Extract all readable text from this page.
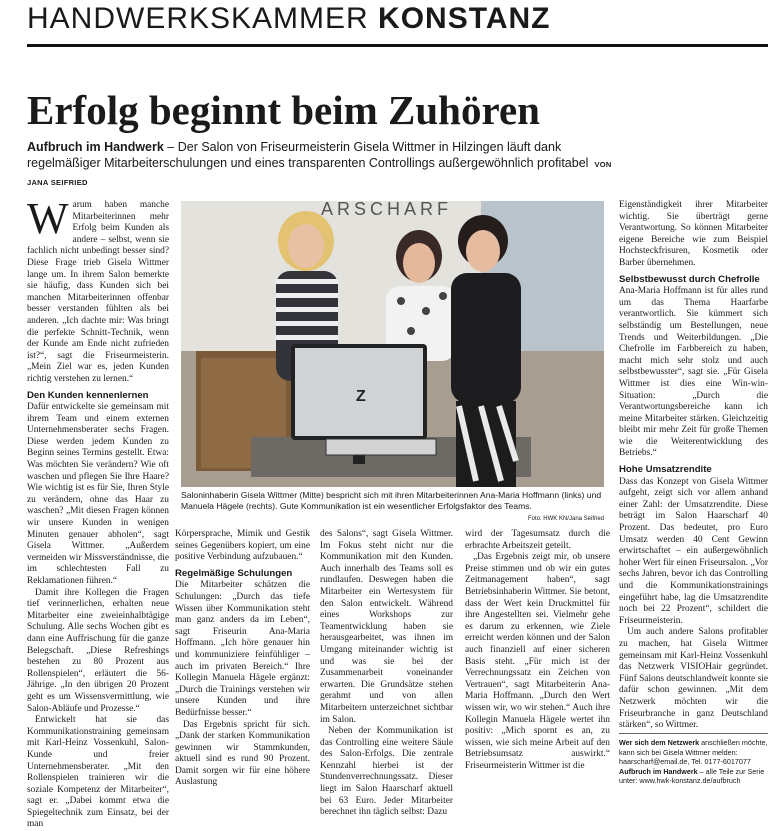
HANDWERKSKAMMER KONSTANZ
Erfolg beginnt beim Zuhören
Aufbruch im Handwerk – Der Salon von Friseurmeisterin Gisela Wittmer in Hilzingen läuft dank regelmäßiger Mitarbeiterschulungen und eines transparenten Controllings außergewöhnlich profitabel VON JANA SEIFRIED

Warum haben manche Mitarbeiterinnen mehr Erfolg beim Kunden als andere – selbst, wenn sie fachlich nicht unbedingt besser sind? Diese Frage trieb Gisela Wittmer lange um. In ihrem Salon bemerkte sie häufig, dass Kunden sich bei manchen Mitarbeiterinnen offenbar besser verstanden fühlten als bei anderen. „Ich dachte mir: Was bringt die perfekte Schnitt-Technik, wenn der Kunde am Ende nicht zufrieden ist?“, sagt die Friseurmeisterin. „Mein Ziel war es, jeden Kunden richtig verstehen zu lernen.“

Den Kunden kennenlernen

Dafür entwickelte sie gemeinsam mit ihrem Team und einem externen Unternehmensberater sechs Fragen. Diese werden jedem Kunden zu Beginn seines Termins gestellt. Etwa: Was möchten Sie verändern? Wie oft waschen und pflegen Sie Ihre Haare? Wie wichtig ist es für Sie, Ihren Style zu verändern, ohne das Haar zu waschen? „Mit diesen Fragen können wir unsere Kunden in wenigen Minuten genauer abholen“, sagt Gisela Wittmer. „Außerdem vermeiden wir Missverständnisse, die im schlechtesten Fall zu Reklamationen führen.“

Damit ihre Kollegen die Fragen tief verinnerlichen, erhalten neue Mitarbeiter eine zweieinhalbtägige Schulung. Alle sechs Wochen gibt es dann eine Auffrischung für die ganze Belegschaft. „Diese Refreshings bestehen zu 80 Prozent aus Rollenspielen“, erläutert die 56-Jährige. „In den übrigen 20 Prozent geht es um Wissensvermittlung, wie Salon-Abläufe und Prozesse.“

Entwickelt hat sie das Kommunikationstraining gemeinsam mit Karl-Heinz Vossenkuhl, Salon-Kunde und freier Unternehmensberater. „Mit den Rollenspielen trainieren wir die soziale Kompetenz der Mitarbeiter“, sagt er. „Dabei kommt etwa die Spiegeltechnik zum Einsatz, bei der man

ARSCHARF
Z
Saloninhaberin Gisela Wittmer (Mitte) bespricht sich mit ihren Mitarbeiterinnen Ana-Maria Hoffmann (links) und Manuela Hägele (rechts). Gute Kommunikation ist ein wesentlicher Erfolgsfaktor des Teams.
Foto: HWK KN/Jana Seifried

Körpersprache, Mimik und Gestik seines Gegenübers kopiert, um eine positive Verbindung aufzubauen.“

Regelmäßige Schulungen

Die Mitarbeiter schätzen die Schulungen: „Durch das tiefe Wissen über Kommunikation steht man ganz anders da im Leben“, sagt Friseurin Ana-Maria Hoffmann. „Ich höre genauer hin und kommuniziere feinfühliger – auch im privaten Bereich.“ Ihre Kollegin Manuela Hägele ergänzt: „Durch die Trainings verstehen wir unsere Kunden und ihre Bedürfnisse besser.“

Das Ergebnis spricht für sich. „Dank der starken Kommunikation gewinnen wir Stammkunden, aktuell sind es rund 90 Prozent. Damit sorgen wir für eine höhere Auslastung

des Salons“, sagt Gisela Wittmer. Im Fokus steht nicht nur die Kommunikation mit den Kunden. Auch innerhalb des Teams soll es rundlaufen. Deswegen haben die Mitarbeiter ein Wertesystem für den Salon entwickelt. Während eines Workshops zur Teamentwicklung haben sie herausgearbeitet, was ihnen im Umgang miteinander wichtig ist und was sie bei der Zusammenarbeit voneinander erwarten. Die Grundsätze stehen gerahmt und von allen Mitarbeitern unterzeichnet sichtbar im Salon.

Neben der Kommunikation ist das Controlling eine weitere Säule des Salon-Erfolgs. Die zentrale Kennzahl hierbei ist der Stundenverrechnungssatz. Dieser liegt im Salon Haarscharf aktuell bei 63 Euro. Jeder Mitarbeiter berechnet ihn täglich selbst: Dazu

wird der Tagesumsatz durch die erbrachte Arbeitszeit geteilt.

„Das Ergebnis zeigt mir, ob unsere Preise stimmen und ob wir ein gutes Zeitmanagement haben“, sagt Betriebsinhaberin Wittmer. Sie betont, dass der Wert kein Druckmittel für ihre Angestellten sei. Vielmehr gehe es darum zu erkennen, wie Ziele erreicht werden können und der Salon auch finanziell auf einer sicheren Basis steht. „Für mich ist der Verrechnungssatz ein Zeichen von Vertrauen“, sagt Mitarbeiterin Ana-Maria Hoffmann. „Durch den Wert wissen wir, wo wir stehen.“ Auch ihre Kollegin Manuela Hägele wertet ihn positiv: „Mich spornt es an, zu wissen, wie sich meine Arbeit auf den Betriebsumsatz auswirkt.“ Friseurmeisterin Wittmer ist die

Eigenständigkeit ihrer Mitarbeiter wichtig. Sie überträgt gerne Verantwortung. So können Mitarbeiter eigene Bereiche wie zum Beispiel Hochsteckfrisuren, Kosmetik oder Barber übernehmen.

Selbstbewusst durch Chefrolle

Ana-Maria Hoffmann ist für alles rund um das Thema Haarfarbe verantwortlich. Sie kümmert sich selbständig um Bestellungen, neue Trends und Weiterbildungen. „Die Chefrolle im Farbbereich zu haben, macht mich sehr stolz und auch selbstbewusster“, sagt sie. „Für Gisela Wittmer ist dies eine Win-win-Situation: „Durch die Verantwortungsbereiche kann ich meine Mitarbeiter stärken. Gleichzeitig bleibt mir mehr Zeit für große Themen wie die Weiterentwicklung des Betriebs.“

Hohe Umsatzrendite

Dass das Konzept von Gisela Wittmer aufgeht, zeigt sich vor allem anhand einer Zahl: der Umsatzrendite. Diese beträgt im Salon Haarscharf 40 Prozent. Das bedeutet, pro Euro Umsatz werden 40 Cent Gewinn erwirtschaftet – ein außergewöhnlich hoher Wert für einen Friseursalon. „Vor sechs Jahren, bevor ich das Controlling und die Kommunikationstrainings eingeführt habe, lag die Umsatzrendite noch bei 22 Prozent“, schildert die Friseurmeisterin.

Um auch andere Salons profitabler zu machen, hat Gisela Wittmer gemeinsam mit Karl-Heinz Vossenkuhl das Netzwerk VISIOHair gegründet. Fünf Salons deutschlandweit konnte sie dafür schon gewinnen. „Mit dem Netzwerk möchten wir die Friseurbranche in ganz Deutschland stärken“, so Wittmer.

Wer sich dem Netzwerk anschließen möchte, kann sich bei Gisela Wittmer melden: haarscharf@email.de, Tel. 0177-6017077
Aufbruch im Handwerk – alle Teile zur Serie unter: www.hwk-konstanz.de/aufbruch
